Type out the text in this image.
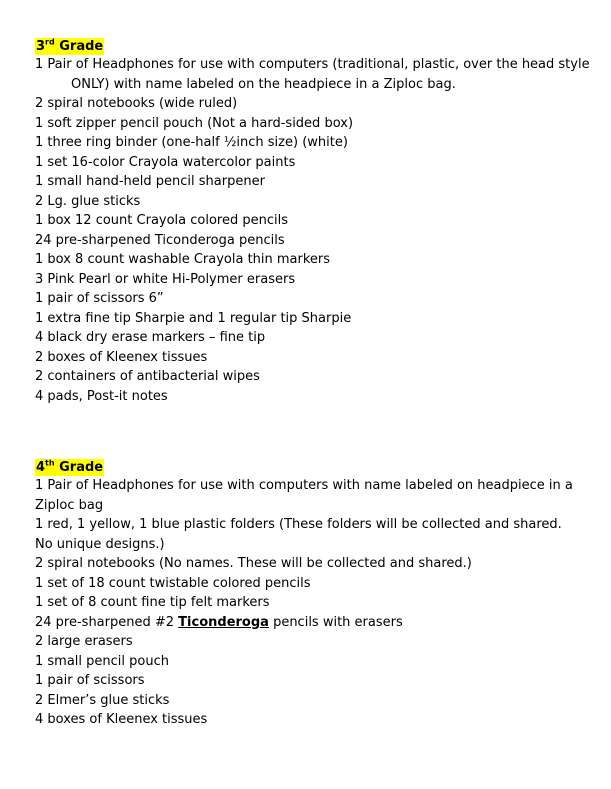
3rd Grade
1 Pair of Headphones for use with computers (traditional, plastic, over the head style ONLY) with name labeled on the headpiece in a Ziploc bag.
2 spiral notebooks (wide ruled)
1 soft zipper pencil pouch (Not a hard-sided box)
1 three ring binder (one-half ½inch size) (white)
1 set 16-color Crayola watercolor paints
1 small hand-held pencil sharpener
2 Lg. glue sticks
1 box 12 count Crayola colored pencils
24 pre-sharpened Ticonderoga pencils
1 box 8 count washable Crayola thin markers
3 Pink Pearl or white Hi-Polymer erasers
1 pair of scissors 6”
1 extra fine tip Sharpie and 1 regular tip Sharpie
4 black dry erase markers – fine tip
2 boxes of Kleenex tissues
2 containers of antibacterial wipes
4 pads, Post-it notes
4th Grade
1 Pair of Headphones for use with computers with name labeled on headpiece in a Ziploc bag
1 red, 1 yellow, 1 blue plastic folders (These folders will be collected and shared. No unique designs.)
2 spiral notebooks (No names. These will be collected and shared.)
1 set of 18 count twistable colored pencils
1 set of 8 count fine tip felt markers
24 pre-sharpened #2 Ticonderoga pencils with erasers
2 large erasers
1 small pencil pouch
1 pair of scissors
2 Elmer’s glue sticks
4 boxes of Kleenex tissues
